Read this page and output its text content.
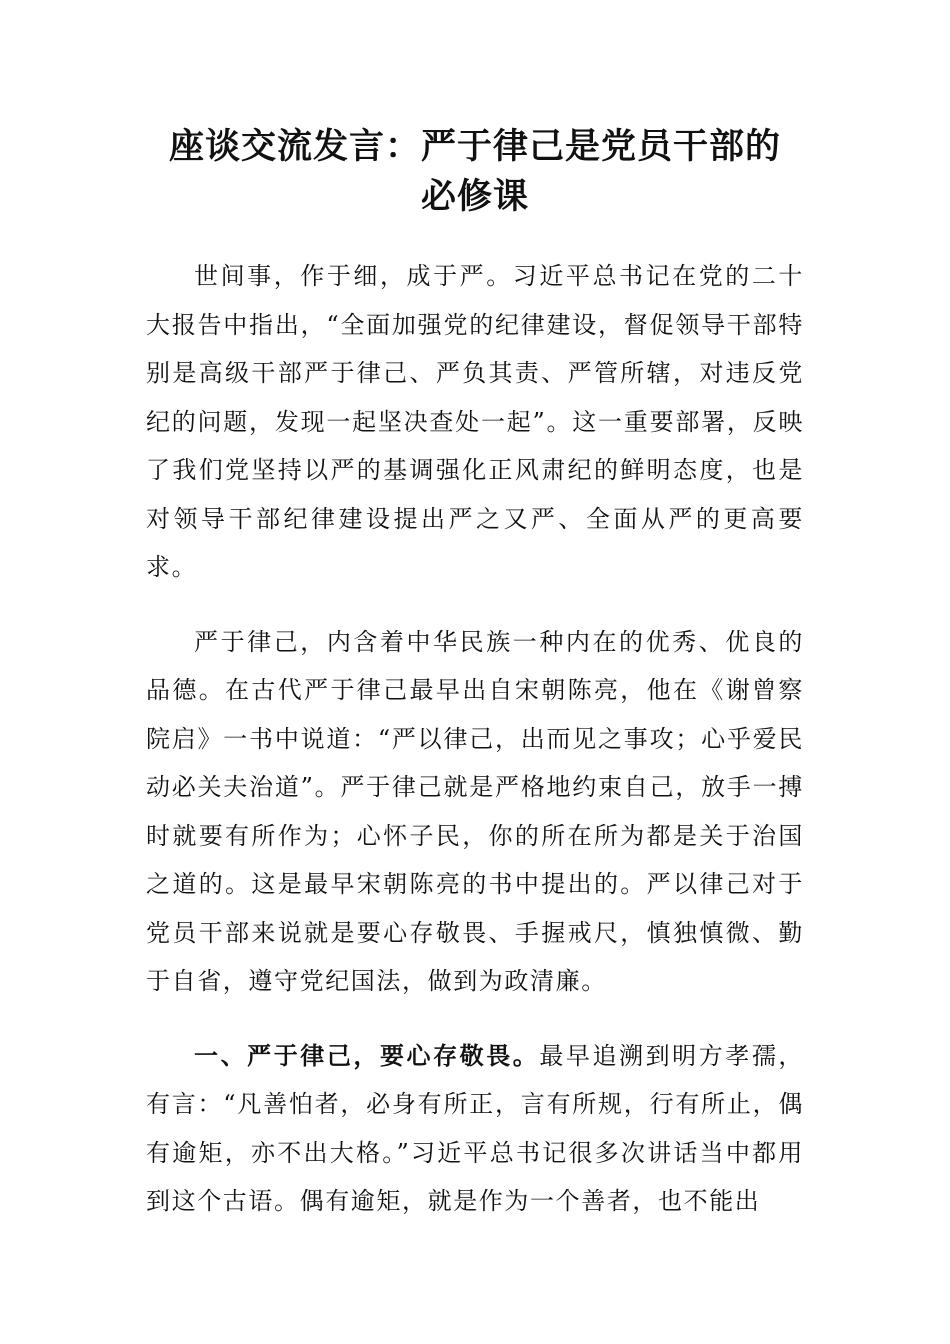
座谈交流发言：严于律己是党员干部的
必修课

世间事，作于细，成于严。习近平总书记在党的二十大报告中指出，“全面加强党的纪律建设，督促领导干部特别是高级干部严于律己、严负其责、严管所辖，对违反党纪的问题，发现一起坚决查处一起”。这一重要部署，反映了我们党坚持以严的基调强化正风肃纪的鲜明态度，也是对领导干部纪律建设提出严之又严、全面从严的更高要求。

严于律己，内含着中华民族一种内在的优秀、优良的品德。在古代严于律己最早出自宋朝陈亮，他在《谢曾察院启》一书中说道：“严以律己，出而见之事攻；心乎爱民动必关夫治道”。严于律己就是严格地约束自己，放手一搏时就要有所作为；心怀子民，你的所在所为都是关于治国之道的。这是最早宋朝陈亮的书中提出的。严以律己对于党员干部来说就是要心存敬畏、手握戒尺，慎独慎微、勤于自省，遵守党纪国法，做到为政清廉。

一、严于律己，要心存敬畏。最早追溯到明方孝孺，有言：“凡善怕者，必身有所正，言有所规，行有所止，偶有逾矩，亦不出大格。”习近平总书记很多次讲话当中都用到这个古语。偶有逾矩，就是作为一个善者，也不能出
